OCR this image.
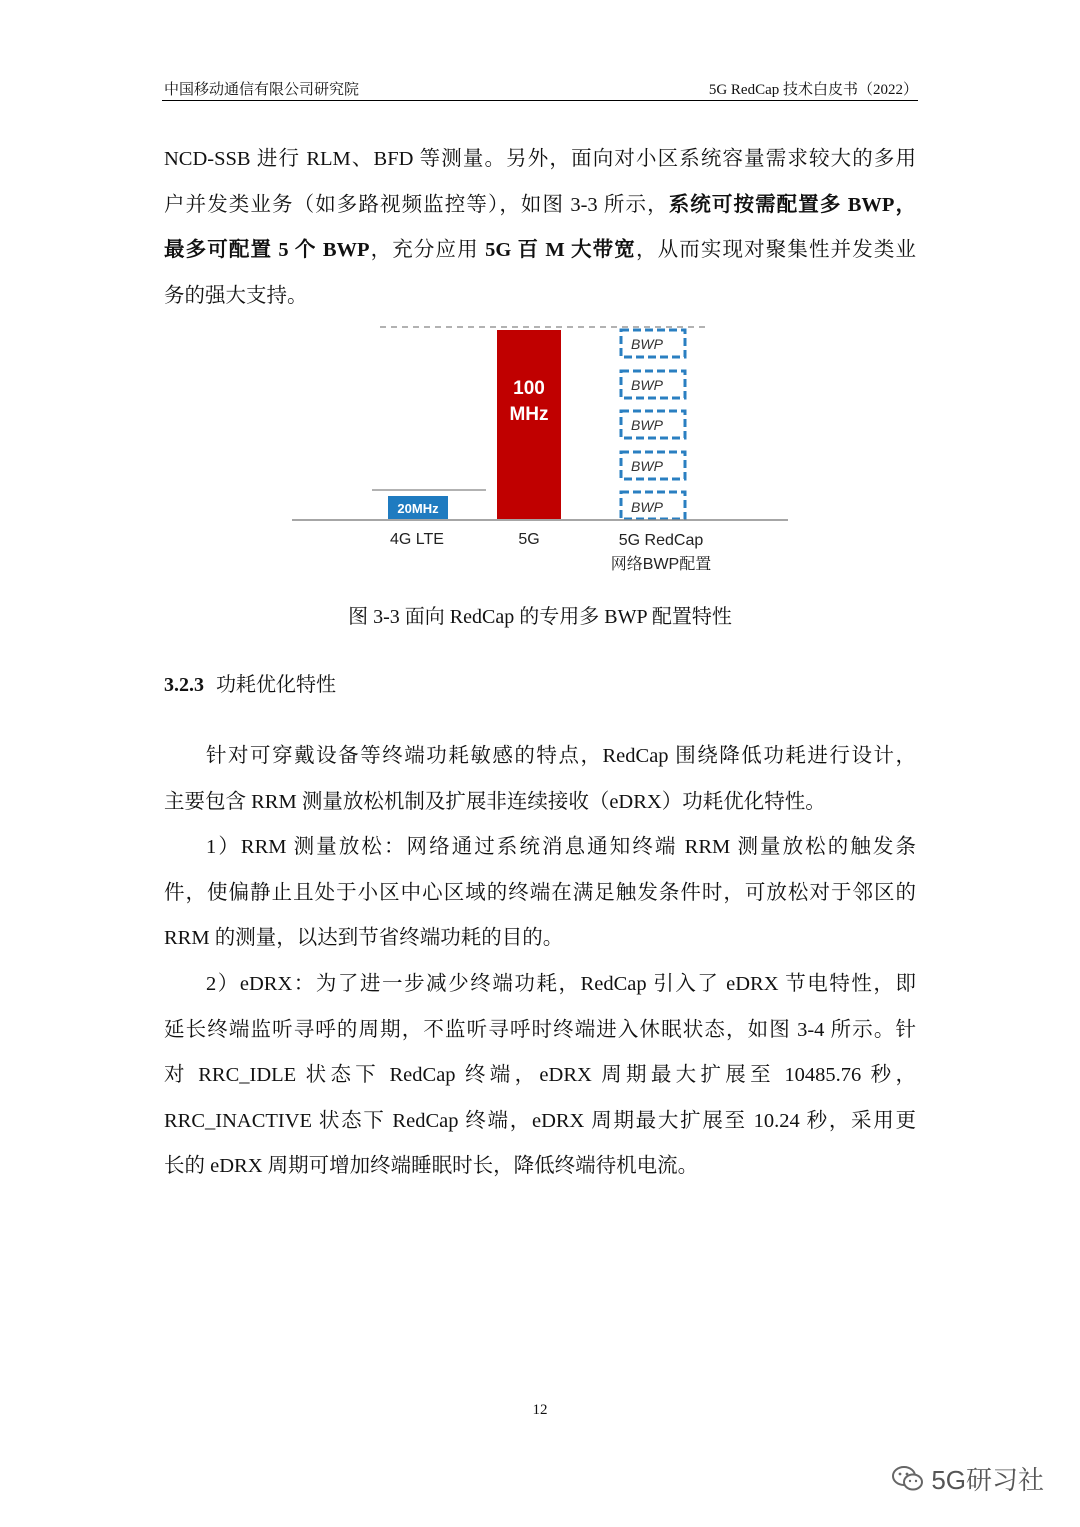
中国移动通信有限公司研究院	5G RedCap 技术白皮书（2022）
NCD-SSB 进行 RLM、BFD 等测量。另外，面向对小区系统容量需求较大的多用
户并发类业务（如多路视频监控等），如图 3-3 所示，系统可按需配置多 BWP，
最多可配置 5 个 BWP，充分应用 5G 百 M 大带宽，从而实现对聚集性并发类业
务的强大支持。
20MHz
100
MHz
BWP
BWP
BWP
BWP
BWP
4G LTE	5G	5G RedCap
网络BWP配置
图 3-3 面向 RedCap 的专用多 BWP 配置特性
3.2.3 功耗优化特性
针对可穿戴设备等终端功耗敏感的特点，RedCap 围绕降低功耗进行设计，
主要包含 RRM 测量放松机制及扩展非连续接收（eDRX）功耗优化特性。
1）RRM 测量放松：网络通过系统消息通知终端 RRM 测量放松的触发条
件，使偏静止且处于小区中心区域的终端在满足触发条件时，可放松对于邻区的
RRM 的测量，以达到节省终端功耗的目的。
2）eDRX：为了进一步减少终端功耗，RedCap 引入了 eDRX 节电特性，即
延长终端监听寻呼的周期，不监听寻呼时终端进入休眠状态，如图 3-4 所示。针
对 RRC_IDLE 状态下 RedCap 终端，eDRX 周期最大扩展至 10485.76 秒，
RRC_INACTIVE 状态下 RedCap 终端，eDRX 周期最大扩展至 10.24 秒，采用更
长的 eDRX 周期可增加终端睡眠时长，降低终端待机电流。
12
5G研习社
